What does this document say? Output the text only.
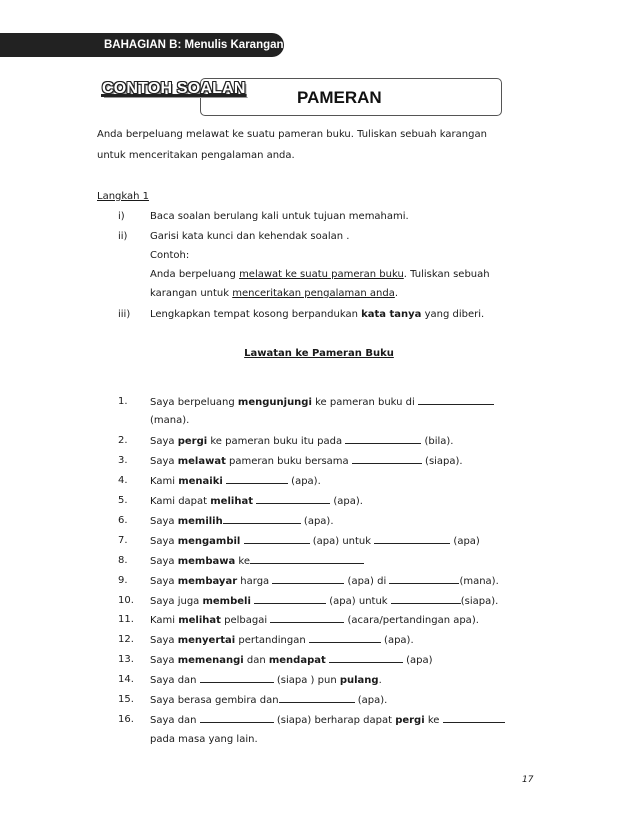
BAHAGIAN B: Menulis Karangan
PAMERAN
CONTOH SOALAN
Anda berpeluang melawat ke suatu pameran buku. Tuliskan sebuah karangan
untuk menceritakan pengalaman anda.
Langkah 1
i)	Baca soalan berulang kali untuk tujuan memahami.
ii) Garisi kata kunci dan kehendak soalan .
Contoh:
Anda berpeluang melawat ke suatu pameran buku. Tuliskan sebuah
karangan untuk menceritakan pengalaman anda.
iii) Lengkapkan tempat kosong berpandukan kata tanya yang diberi.
Lawatan ke Pameran Buku
1. Saya berpeluang mengunjungi ke pameran buku di
(mana).
2. Saya pergi ke pameran buku itu pada	(bila).
3. Saya melawat pameran buku bersama	(siapa).
4. Kami menaiki	(apa).
5. Kami dapat melihat	(apa).
6. Saya memilih	(apa).
7. Saya mengambil	(apa) untuk	(apa)
8. Saya membawa ke
9. Saya membayar harga	(apa) di	(mana).
10. Saya juga membeli	(apa) untuk	(siapa).
11. Kami melihat pelbagai	(acara/pertandingan apa).
12. Saya menyertai pertandingan	(apa).
13. Saya memenangi dan mendapat	(apa)
14. Saya dan	(siapa ) pun pulang.
15. Saya berasa gembira dan	(apa).
16. Saya dan	(siapa) berharap dapat pergi ke
pada masa yang lain.
17
